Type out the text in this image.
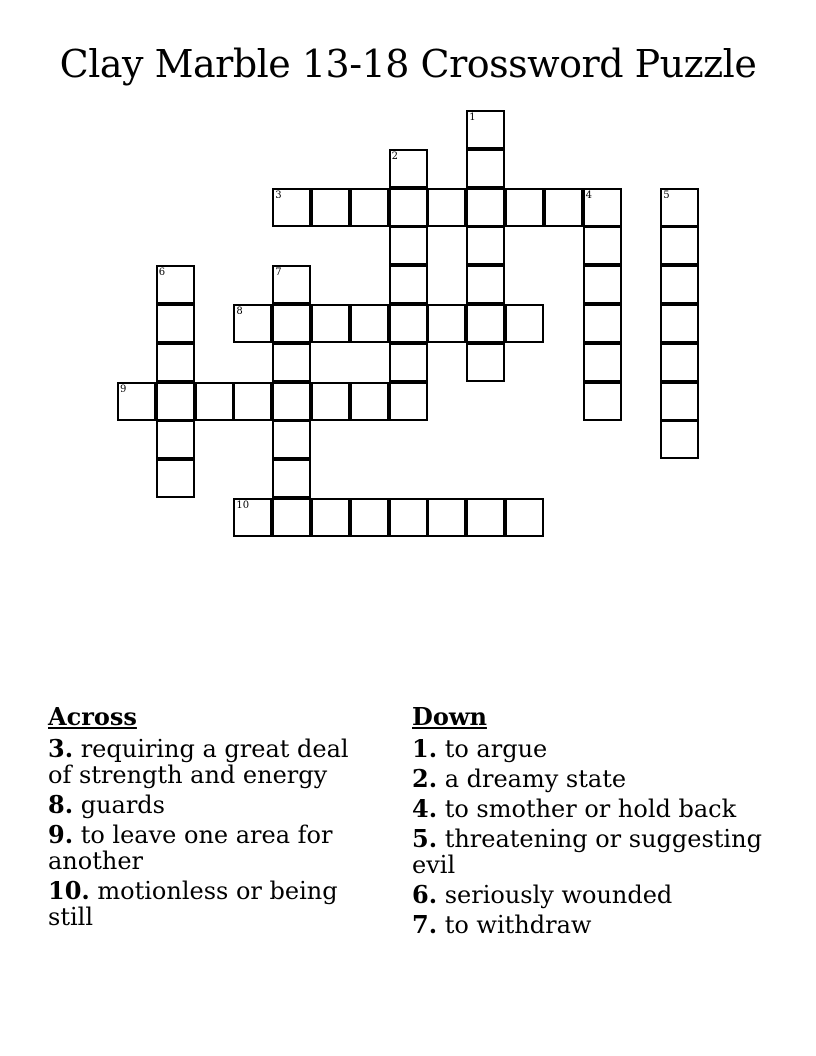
Clay Marble 13-18 Crossword Puzzle
1
2
3	4	5
6	7
8
9
10
Across
3. requiring a great deal of strength and energy
8. guards
9. to leave one area for another
10. motionless or being still
Down
1. to argue
2. a dreamy state
4. to smother or hold back
5. threatening or suggesting evil
6. seriously wounded
7. to withdraw
